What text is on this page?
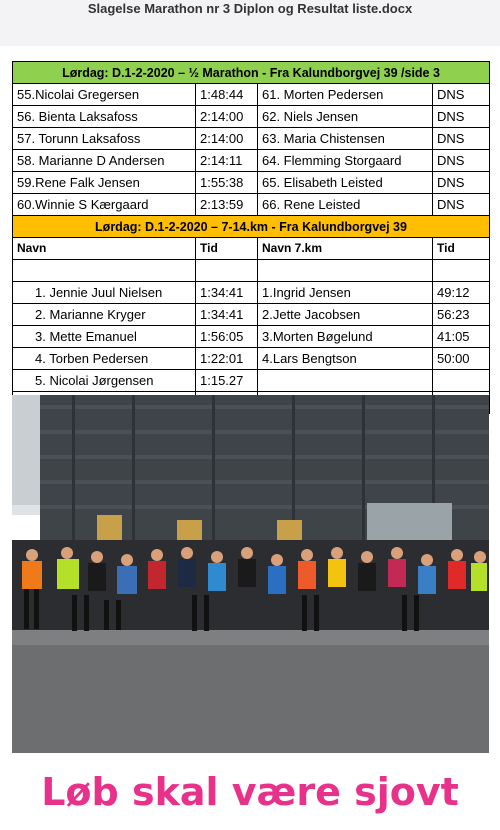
Slagelse Marathon nr 3 Diplon og Resultat liste.docx
Lørdag: D.1-2-2020 – ½ Marathon - Fra Kalundborgvej 39 /side 3			
55.Nicolai Gregersen	1:48:44	61. Morten Pedersen	DNS
56. Bienta Laksafoss	2:14:00	62. Niels Jensen	DNS
57. Torunn Laksafoss	2:14:00	63. Maria Chistensen	DNS
58. Marianne D Andersen	2:14:11	64. Flemming Storgaard	DNS
59.Rene Falk Jensen	1:55:38	65. Elisabeth Leisted	DNS
60.Winnie S Kærgaard	2:13:59	66. Rene Leisted	DNS
Lørdag: D.1-2-2020 – 7-14.km - Fra Kalundborgvej 39			
Navn	Tid	Navn 7.km	Tid

1. Jennie Juul Nielsen	1:34:41	1.Ingrid Jensen	49:12
2. Marianne Kryger	1:34:41	2.Jette Jacobsen	56:23
3. Mette Emanuel	1:56:05	3.Morten Bøgelund	41:05
4. Torben Pedersen	1:22:01	4.Lars Bengtson	50:00
5. Nicolai Jørgensen	1:15.27		

Løb skal være sjovt
